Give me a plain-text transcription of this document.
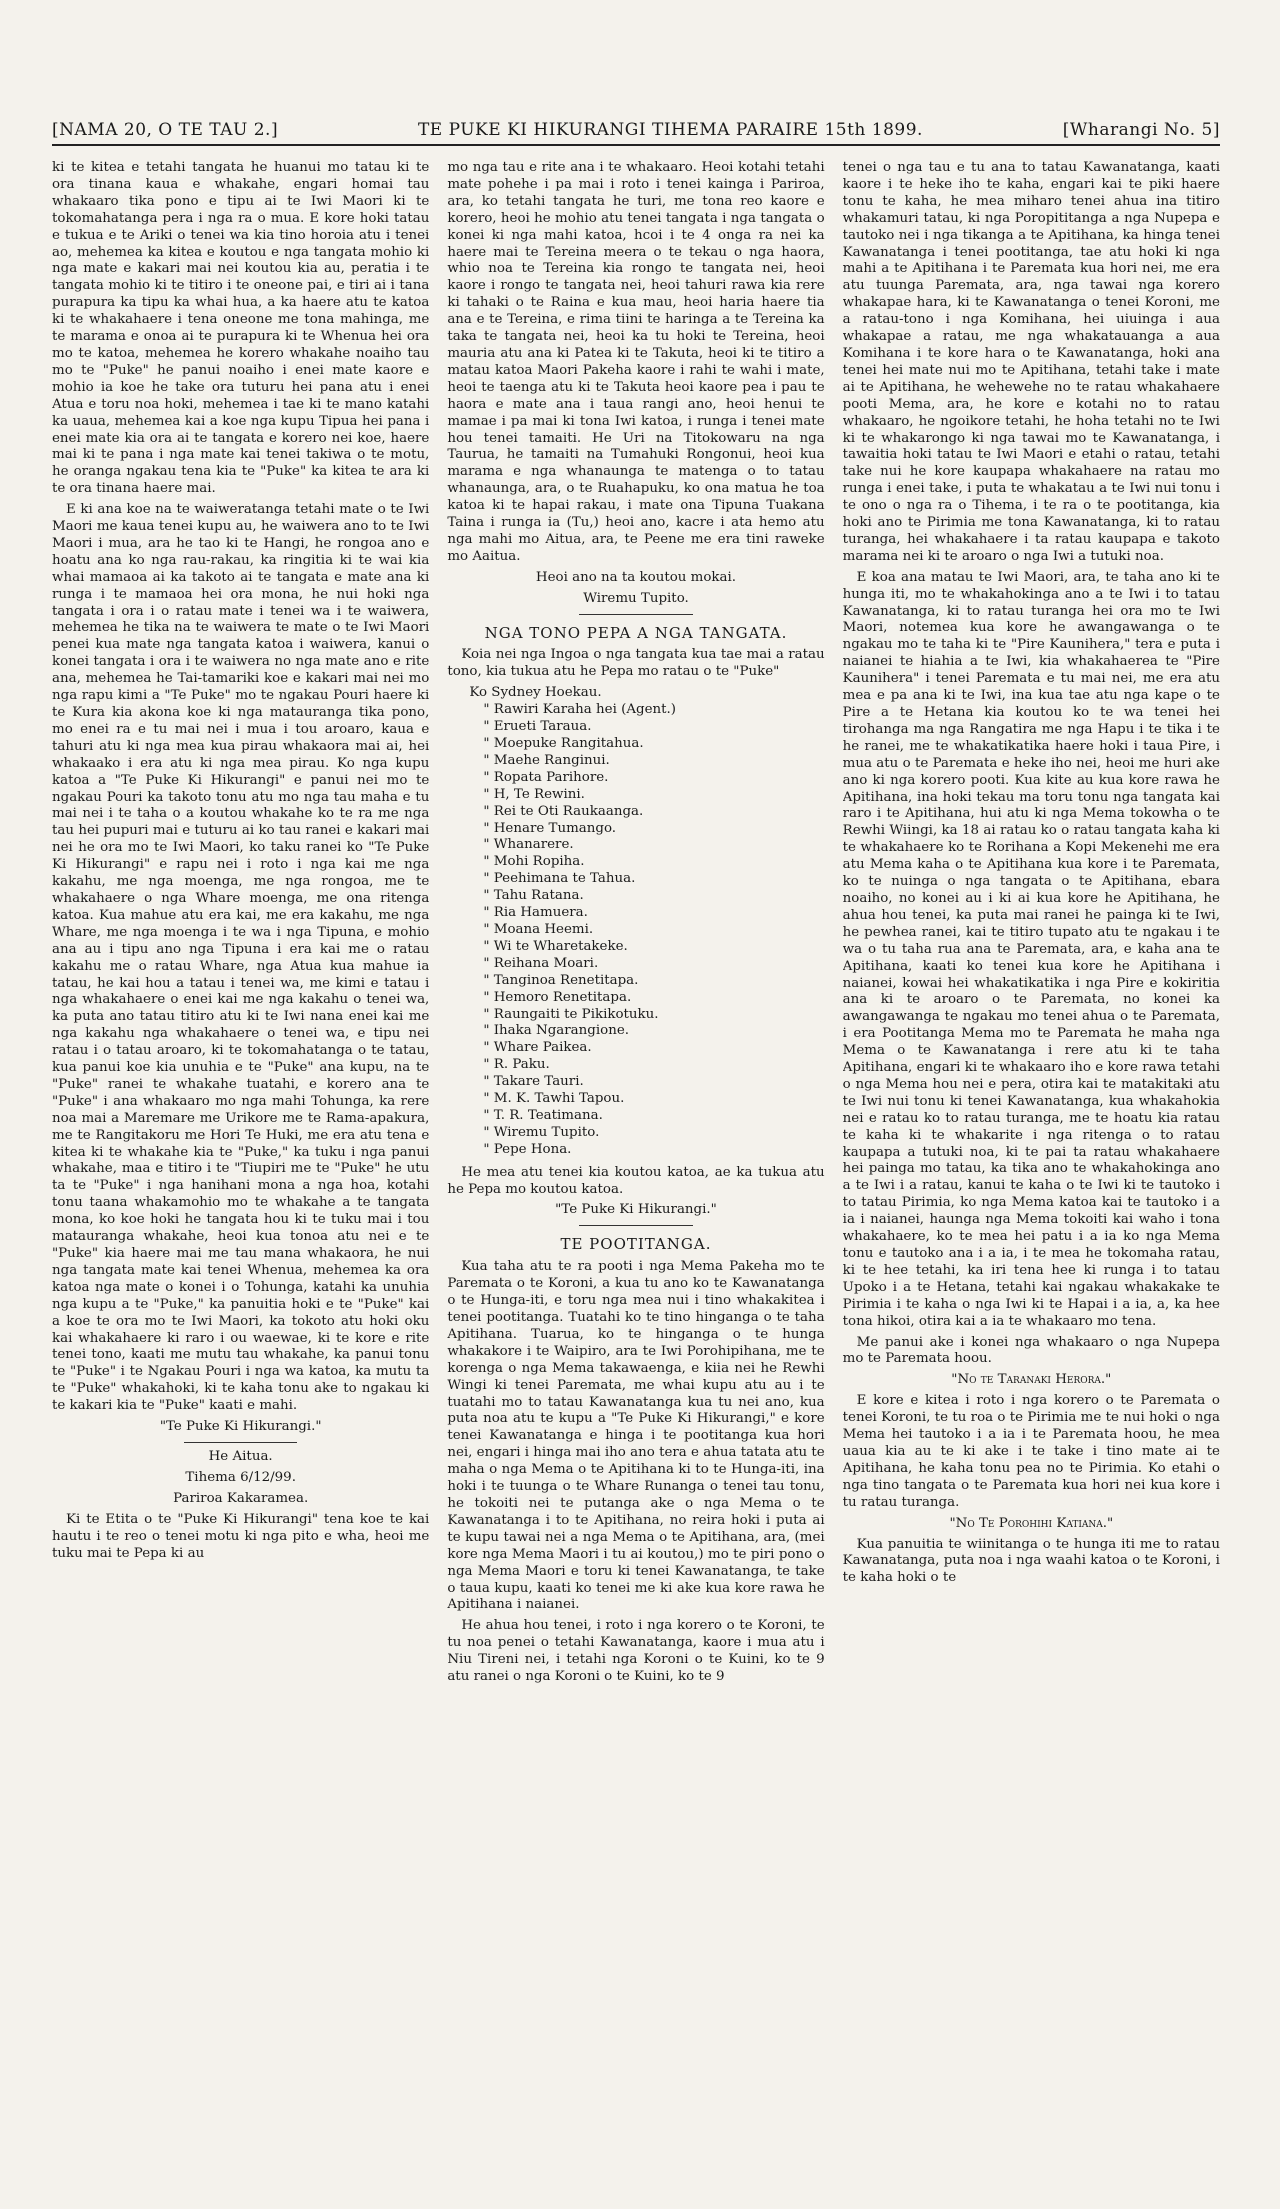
[NAMA 20, O TE TAU 2.]	TE PUKE KI HIKURANGI TIHEMA PARAIRE 15th 1899.	[Wharangi No. 5]

ki te kitea e tetahi tangata he huanui mo tatau ki te ora tinana kaua e whakahe, engari homai tau whakaaro tika pono e tipu ai te Iwi Maori ki te tokomahatanga pera i nga ra o mua. E kore hoki tatau e tukua e te Ariki o tenei wa kia tino horoia atu i tenei ao, mehemea ka kitea e koutou e nga tangata mohio ki nga mate e kakari mai nei koutou kia au, peratia i te tangata mohio ki te titiro i te oneone pai, e tiri ai i tana purapura ka tipu ka whai hua, a ka haere atu te katoa ki te whakahaere i tena oneone me tona mahinga, me te marama e onoa ai te purapura ki te Whenua hei ora mo te katoa, mehemea he korero whakahe noaiho tau mo te "Puke" he panui noaiho i enei mate kaore e mohio ia koe he take ora tuturu hei pana atu i enei Atua e toru noa hoki, mehemea i tae ki te mano katahi ka uaua, mehemea kai a koe nga kupu Tipua hei pana i enei mate kia ora ai te tangata e korero nei koe, haere mai ki te pana i nga mate kai tenei takiwa o te motu, he oranga ngakau tena kia te "Puke" ka kitea te ara ki te ora tinana haere mai.

E ki ana koe na te waiweratanga tetahi mate o te Iwi Maori me kaua tenei kupu au, he waiwera ano to te Iwi Maori i mua, ara he tao ki te Hangi, he rongoa ano e hoatu ana ko nga rau-rakau, ka ringitia ki te wai kia whai mamaoa ai ka takoto ai te tangata e mate ana ki runga i te mamaoa hei ora mona, he nui hoki nga tangata i ora i o ratau mate i tenei wa i te waiwera, mehemea he tika na te waiwera te mate o te Iwi Maori penei kua mate nga tangata katoa i waiwera, kanui o konei tangata i ora i te waiwera no nga mate ano e rite ana, mehemea he Tai-tamariki koe e kakari mai nei mo nga rapu kimi a "Te Puke" mo te ngakau Pouri haere ki te Kura kia akona koe ki nga matauranga tika pono, mo enei ra e tu mai nei i mua i tou aroaro, kaua e tahuri atu ki nga mea kua pirau whakaora mai ai, hei whakaako i era atu ki nga mea pirau. Ko nga kupu katoa a "Te Puke Ki Hikurangi" e panui nei mo te ngakau Pouri ka takoto tonu atu mo nga tau maha e tu mai nei i te taha o a koutou whakahe ko te ra me nga tau hei pupuri mai e tuturu ai ko tau ranei e kakari mai nei he ora mo te Iwi Maori, ko taku ranei ko "Te Puke Ki Hikurangi" e rapu nei i roto i nga kai me nga kakahu, me nga moenga, me nga rongoa, me te whakahaere o nga Whare moenga, me ona ritenga katoa. Kua mahue atu era kai, me era kakahu, me nga Whare, me nga moenga i te wa i nga Tipuna, e mohio ana au i tipu ano nga Tipuna i era kai me o ratau kakahu me o ratau Whare, nga Atua kua mahue ia tatau, he kai hou a tatau i tenei wa, me kimi e tatau i nga whakahaere o enei kai me nga kakahu o tenei wa, ka puta ano tatau titiro atu ki te Iwi nana enei kai me nga kakahu nga whakahaere o tenei wa, e tipu nei ratau i o tatau aroaro, ki te tokomahatanga o te tatau, kua panui koe kia unuhia e te "Puke" ana kupu, na te "Puke" ranei te whakahe tuatahi, e korero ana te "Puke" i ana whakaaro mo nga mahi Tohunga, ka rere noa mai a Maremare me Urikore me te Rama-apakura, me te Rangitakoru me Hori Te Huki, me era atu tena e kitea ki te whakahe kia te "Puke," ka tuku i nga panui whakahe, maa e titiro i te "Tiupiri me te "Puke" he utu ta te "Puke" i nga hanihani mona a nga hoa, kotahi tonu taana whakamohio mo te whakahe a te tangata mona, ko koe hoki he tangata hou ki te tuku mai i tou matauranga whakahe, heoi kua tonoa atu nei e te "Puke" kia haere mai me tau mana whakaora, he nui nga tangata mate kai tenei Whenua, mehemea ka ora katoa nga mate o konei i o Tohunga, katahi ka unuhia nga kupu a te "Puke," ka panuitia hoki e te "Puke" kai a koe te ora mo te Iwi Maori, ka tokoto atu hoki oku kai whakahaere ki raro i ou waewae, ki te kore e rite tenei tono, kaati me mutu tau whakahe, ka panui tonu te "Puke" i te Ngakau Pouri i nga wa katoa, ka mutu ta te "Puke" whakahoki, ki te kaha tonu ake to ngakau ki te kakari kia te "Puke" kaati e mahi.

"Te Puke Ki Hikurangi."

He Aitua.

Tihema 6/12/99.

Pariroa Kakaramea.

Ki te Etita o te "Puke Ki Hikurangi" tena koe te kai hautu i te reo o tenei motu ki nga pito e wha, heoi me tuku mai te Pepa ki au

mo nga tau e rite ana i te whakaaro. Heoi kotahi tetahi mate pohehe i pa mai i roto i tenei kainga i Pariroa, ara, ko tetahi tangata he turi, me tona reo kaore e korero, heoi he mohio atu tenei tangata i nga tangata o konei ki nga mahi katoa, hcoi i te 4 onga ra nei ka haere mai te Tereina meera o te tekau o nga haora, whio noa te Tereina kia rongo te tangata nei, heoi kaore i rongo te tangata nei, heoi tahuri rawa kia rere ki tahaki o te Raina e kua mau, heoi haria haere tia ana e te Tereina, e rima tiini te haringa a te Tereina ka taka te tangata nei, heoi ka tu hoki te Tereina, heoi mauria atu ana ki Patea ki te Takuta, heoi ki te titiro a matau katoa Maori Pakeha kaore i rahi te wahi i mate, heoi te taenga atu ki te Takuta heoi kaore pea i pau te haora e mate ana i taua rangi ano, heoi henui te mamae i pa mai ki tona Iwi katoa, i runga i tenei mate hou tenei tamaiti. He Uri na Titokowaru na nga Taurua, he tamaiti na Tumahuki Rongonui, heoi kua marama e nga whanaunga te matenga o to tatau whanaunga, ara, o te Ruahapuku, ko ona matua he toa katoa ki te hapai rakau, i mate ona Tipuna Tuakana Taina i runga ia (Tu,) heoi ano, kacre i ata hemo atu nga mahi mo Aitua, ara, te Peene me era tini raweke mo Aaitua.

Heoi ano na ta koutou mokai.

Wiremu Tupito.

NGA TONO PEPA A NGA TANGATA.

Koia nei nga Ingoa o nga tangata kua tae mai a ratau tono, kia tukua atu he Pepa mo ratau o te "Puke"

Ko Sydney Hoekau.
" Rawiri Karaha hei (Agent.)
" Erueti Taraua.
" Moepuke Rangitahua.
" Maehe Ranginui.
" Ropata Parihore.
" H, Te Rewini.
" Rei te Oti Raukaanga.
" Henare Tumango.
" Whanarere.
" Mohi Ropiha.
" Peehimana te Tahua.
" Tahu Ratana.
" Ria Hamuera.
" Moana Heemi.
" Wi te Wharetakeke.
" Reihana Moari.
" Tanginoa Renetitapa.
" Hemoro Renetitapa.
" Raungaiti te Pikikotuku.
" Ihaka Ngarangione.
" Whare Paikea.
" R. Paku.
" Takare Tauri.
" M. K. Tawhi Tapou.
" T. R. Teatimana.
" Wiremu Tupito.
" Pepe Hona.

He mea atu tenei kia koutou katoa, ae ka tukua atu he Pepa mo koutou katoa.

"Te Puke Ki Hikurangi."

TE POOTITANGA.

Kua taha atu te ra pooti i nga Mema Pakeha mo te Paremata o te Koroni, a kua tu ano ko te Kawanatanga o te Hunga-iti, e toru nga mea nui i tino whakakitea i tenei pootitanga. Tuatahi ko te tino hinganga o te taha Apitihana. Tuarua, ko te hinganga o te hunga whakakore i te Waipiro, ara te Iwi Porohipihana, me te korenga o nga Mema takawaenga, e kiia nei he Rewhi Wingi ki tenei Paremata, me whai kupu atu au i te tuatahi mo to tatau Kawanatanga kua tu nei ano, kua puta noa atu te kupu a "Te Puke Ki Hikurangi," e kore tenei Kawanatanga e hinga i te pootitanga kua hori nei, engari i hinga mai iho ano tera e ahua tatata atu te maha o nga Mema o te Apitihana ki to te Hunga-iti, ina hoki i te tuunga o te Whare Runanga o tenei tau tonu, he tokoiti nei te putanga ake o nga Mema o te Kawanatanga i to te Apitihana, no reira hoki i puta ai te kupu tawai nei a nga Mema o te Apitihana, ara, (mei kore nga Mema Maori i tu ai koutou,) mo te piri pono o nga Mema Maori e toru ki tenei Kawanatanga, te take o taua kupu, kaati ko tenei me ki ake kua kore rawa he Apitihana i naianei.

He ahua hou tenei, i roto i nga korero o te Koroni, te tu noa penei o tetahi Kawanatanga, kaore i mua atu i Niu Tireni nei, i tetahi nga Koroni o te Kuini, ko te 9 atu ranei o nga Koroni o te Kuini, ko te 9

tenei o nga tau e tu ana to tatau Kawanatanga, kaati kaore i te heke iho te kaha, engari kai te piki haere tonu te kaha, he mea miharo tenei ahua ina titiro whakamuri tatau, ki nga Poropititanga a nga Nupepa e tautoko nei i nga tikanga a te Apitihana, ka hinga tenei Kawanatanga i tenei pootitanga, tae atu hoki ki nga mahi a te Apitihana i te Paremata kua hori nei, me era atu tuunga Paremata, ara, nga tawai nga korero whakapae hara, ki te Kawanatanga o tenei Koroni, me a ratau-tono i nga Komihana, hei uiuinga i aua whakapae a ratau, me nga whakatauanga a aua Komihana i te kore hara o te Kawanatanga, hoki ana tenei hei mate nui mo te Apitihana, tetahi take i mate ai te Apitihana, he wehewehe no te ratau whakahaere pooti Mema, ara, he kore e kotahi no to ratau whakaaro, he ngoikore tetahi, he hoha tetahi no te Iwi ki te whakarongo ki nga tawai mo te Kawanatanga, i tawaitia hoki tatau te Iwi Maori e etahi o ratau, tetahi take nui he kore kaupapa whakahaere na ratau mo runga i enei take, i puta te whakatau a te Iwi nui tonu i te ono o nga ra o Tihema, i te ra o te pootitanga, kia hoki ano te Pirimia me tona Kawanatanga, ki to ratau turanga, hei whakahaere i ta ratau kaupapa e takoto marama nei ki te aroaro o nga Iwi a tutuki noa.

E koa ana matau te Iwi Maori, ara, te taha ano ki te hunga iti, mo te whakahokinga ano a te Iwi i to tatau Kawanatanga, ki to ratau turanga hei ora mo te Iwi Maori, notemea kua kore he awangawanga o te ngakau mo te taha ki te "Pire Kaunihera," tera e puta i naianei te hiahia a te Iwi, kia whakahaerea te "Pire Kaunihera" i tenei Paremata e tu mai nei, me era atu mea e pa ana ki te Iwi, ina kua tae atu nga kape o te Pire a te Hetana kia koutou ko te wa tenei hei tirohanga ma nga Rangatira me nga Hapu i te tika i te he ranei, me te whakatikatika haere hoki i taua Pire, i mua atu o te Paremata e heke iho nei, heoi me huri ake ano ki nga korero pooti. Kua kite au kua kore rawa he Apitihana, ina hoki tekau ma toru tonu nga tangata kai raro i te Apitihana, hui atu ki nga Mema tokowha o te Rewhi Wiingi, ka 18 ai ratau ko o ratau tangata kaha ki te whakahaere ko te Rorihana a Kopi Mekenehi me era atu Mema kaha o te Apitihana kua kore i te Paremata, ko te nuinga o nga tangata o te Apitihana, ebara noaiho, no konei au i ki ai kua kore he Apitihana, he ahua hou tenei, ka puta mai ranei he painga ki te Iwi, he pewhea ranei, kai te titiro tupato atu te ngakau i te wa o tu taha rua ana te Paremata, ara, e kaha ana te Apitihana, kaati ko tenei kua kore he Apitihana i naianei, kowai hei whakatikatika i nga Pire e kokiritia ana ki te aroaro o te Paremata, no konei ka awangawanga te ngakau mo tenei ahua o te Paremata, i era Pootitanga Mema mo te Paremata he maha nga Mema o te Kawanatanga i rere atu ki te taha Apitihana, engari ki te whakaaro iho e kore rawa tetahi o nga Mema hou nei e pera, otira kai te matakitaki atu te Iwi nui tonu ki tenei Kawanatanga, kua whakahokia nei e ratau ko to ratau turanga, me te hoatu kia ratau te kaha ki te whakarite i nga ritenga o to ratau kaupapa a tutuki noa, ki te pai ta ratau whakahaere hei painga mo tatau, ka tika ano te whakahokinga ano a te Iwi i a ratau, kanui te kaha o te Iwi ki te tautoko i to tatau Pirimia, ko nga Mema katoa kai te tautoko i a ia i naianei, haunga nga Mema tokoiti kai waho i tona whakahaere, ko te mea hei patu i a ia ko nga Mema tonu e tautoko ana i a ia, i te mea he tokomaha ratau, ki te hee tetahi, ka iri tena hee ki runga i to tatau Upoko i a te Hetana, tetahi kai ngakau whakakake te Pirimia i te kaha o nga Iwi ki te Hapai i a ia, a, ka hee tona hikoi, otira kai a ia te whakaaro mo tena.

Me panui ake i konei nga whakaaro o nga Nupepa mo te Paremata hoou.

"No te Taranaki Herora."

E kore e kitea i roto i nga korero o te Paremata o tenei Koroni, te tu roa o te Pirimia me te nui hoki o nga Mema hei tautoko i a ia i te Paremata hoou, he mea uaua kia au te ki ake i te take i tino mate ai te Apitihana, he kaha tonu pea no te Pirimia. Ko etahi o nga tino tangata o te Paremata kua hori nei kua kore i tu ratau turanga.

"No Te Porohihi Katiana."

Kua panuitia te wiinitanga o te hunga iti me to ratau Kawanatanga, puta noa i nga waahi katoa o te Koroni, i te kaha hoki o te
